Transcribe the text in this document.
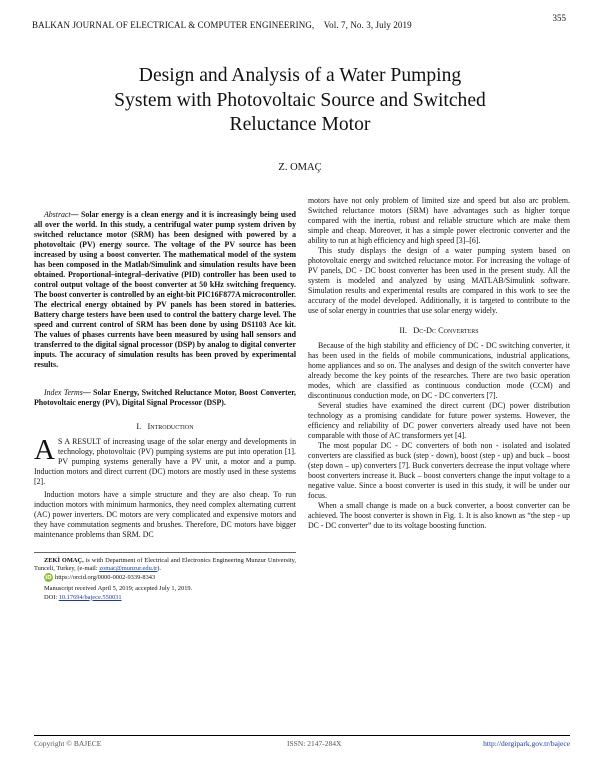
355
BALKAN JOURNAL OF ELECTRICAL & COMPUTER ENGINEERING, Vol. 7, No. 3, July 2019
Design and Analysis of a Water Pumping
System with Photovoltaic Source and Switched
Reluctance Motor
Z. OMAÇ

Abstract— Solar energy is a clean energy and it is increasingly being used all over the world. In this study, a centrifugal water pump system driven by switched reluctance motor (SRM) has been designed with powered by a photovoltaic (PV) energy source. The voltage of the PV source has been increased by using a boost converter. The mathematical model of the system has been composed in the Matlab/Simulink and simulation results have been obtained. Proportional–integral–derivative (PID) controller has been used to control output voltage of the boost converter at 50 kHz switching frequency. The boost converter is controlled by an eight-bit PIC16F877A microcontroller. The electrical energy obtained by PV panels has been stored in batteries. Battery charge testers have been used to control the battery charge level. The speed and current control of SRM has been done by using DS1103 Ace kit. The values of phases currents have been measured by using hall sensors and transferred to the digital signal processor (DSP) by analog to digital converter inputs. The accuracy of simulation results has been proved by experimental results.

Index Terms— Solar Energy, Switched Reluctance Motor, Boost Converter, Photovoltaic energy (PV), Digital Signal Processor (DSP).

I. Introduction

A S A RESULT of increasing usage of the solar energy and developments in technology, photovoltaic (PV) pumping systems are put into operation [1]. PV pumping systems generally have a PV unit, a motor and a pump. Induction motors and direct current (DC) motors are mostly used in these systems [2].

Induction motors have a simple structure and they are also cheap. To run induction motors with minimum harmonics, they need complex alternating current (AC) power inverters. DC motors are very complicated and expensive motors and they have commutation segments and brushes. Therefore, DC motors have bigger maintenance problems than SRM. DC

ZEKİ OMAÇ, is with Department of Electrical and Electronics Engineering Munzur University, Tunceli, Turkey, (e-mail: zomac@munzur.edu.tr).

iD https://orcid.org/0000-0002-9339-8343

Manuscript received April 5, 2019; accepted July 1, 2019.

DOI: 10.17694/bajece.550031

motors have not only problem of limited size and speed but also arc problem. Switched reluctance motors (SRM) have advantages such as higher torque compared with the inertia, robust and reliable structure which are make them simple and cheap. Moreover, it has a simple power electronic converter and the ability to run at high efficiency and high speed [3]–[6].

This study displays the design of a water pumping system based on photovoltaic energy and switched reluctance motor. For increasing the voltage of PV panels, DC - DC boost converter has been used in the present study. All the system is modeled and analyzed by using MATLAB/Simulink software. Simulation results and experimental results are compared in this work to see the accuracy of the model developed. Additionally, it is targeted to contribute to the use of solar energy in countries that use solar energy widely.

II. Dc-Dc Converters

Because of the high stability and efficiency of DC - DC switching converter, it has been used in the fields of mobile communications, industrial applications, home appliances and so on. The analyses and design of the switch converter have already become the key points of the researches. There are two basic operation modes, which are classified as continuous conduction mode (CCM) and discontinuous conduction mode, on DC - DC converters [7].

Several studies have examined the direct current (DC) power distribution technology as a promising candidate for future power systems. However, the efficiency and reliability of DC power converters already used have not been comparable with those of AC transformers yet [4].

The most popular DC - DC converters of both non - isolated and isolated converters are classified as buck (step - down), boost (step - up) and buck – boost (step down – up) converters [7]. Buck converters decrease the input voltage where boost converters increase it. Buck – boost converters change the input voltage to a negative value. Since a boost converter is used in this study, it will be under our focus.

When a small change is made on a buck converter, a boost converter can be achieved. The boost converter is shown in Fig. 1. It is also known as “the step - up DC - DC converter” due to its voltage boosting function.

Copyright © BAJECE	ISSN: 2147-284X	http://dergipark.gov.tr/bajece
